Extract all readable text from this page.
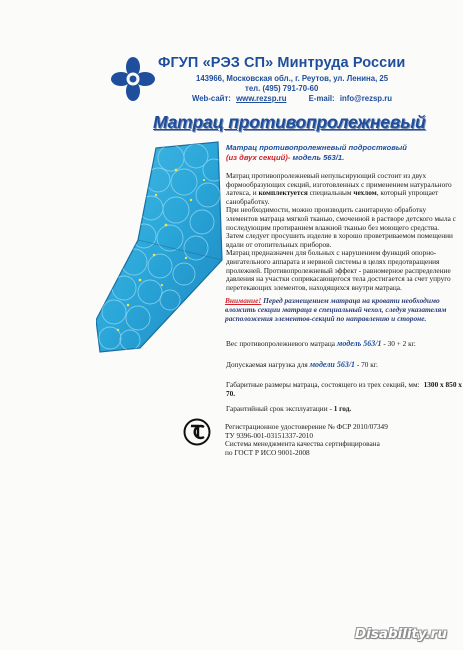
ФГУП «РЭЗ СП» Минтруда России
143966, Московская обл., г. Реутов, ул. Ленина, 25
тел. (495) 791-70-60
Web-сайт: www.rezsp.ru	E-mail: info@rezsp.ru
Матрац противопролежневый
Матрац противопролежневый подростковый
(из двух секций)- модель 563/1.

Матрац противопролежневый непульсирующий состоит из двух формообразующих секций, изготовленных с применением натурального латекса, и комплектуется специальным чехлом, который упрощает санобработку.

При необходимости, можно производить санитарную обработку элементов матраца мягкой тканью, смоченной в растворе детского мыла с последующим протиранием влажной тканью без моющего средства. Затем следует просушить изделие в хорошо проветриваемом помещении вдали от отопительных приборов.

Матрац предназначен для больных с нарушением функций опорно-двигательного аппарата и нервной системы в целях предотвращения пролежней. Противопролежневый эффект - равномерное распределение давления на участки соприкасающегося тела достигается за счет упруго перетекающих элементов, находящихся внутри матраца.

Внимание! Перед размещением матраца на кровати необходимо вложить секции матраца в специальный чехол, следуя указателям расположения элементов-секций по направлению и стороне.
Вес противопролежневого матраца модель 563/1 - 30 + 2 кг.
Допускаемая нагрузка для модели 563/1 - 70 кг.
Габаритные размеры матраца, состоящего из трех секций, мм: 1300 х 850 х 70.
Гарантийный срок эксплуатации - 1 год.
Регистрационное удостоверение № ФСР 2010/07349
ТУ 9396-001-03151337-2010
Система менеджмента качества сертифицирована
по ГОСТ Р ИСО 9001-2008
Disability.ru
